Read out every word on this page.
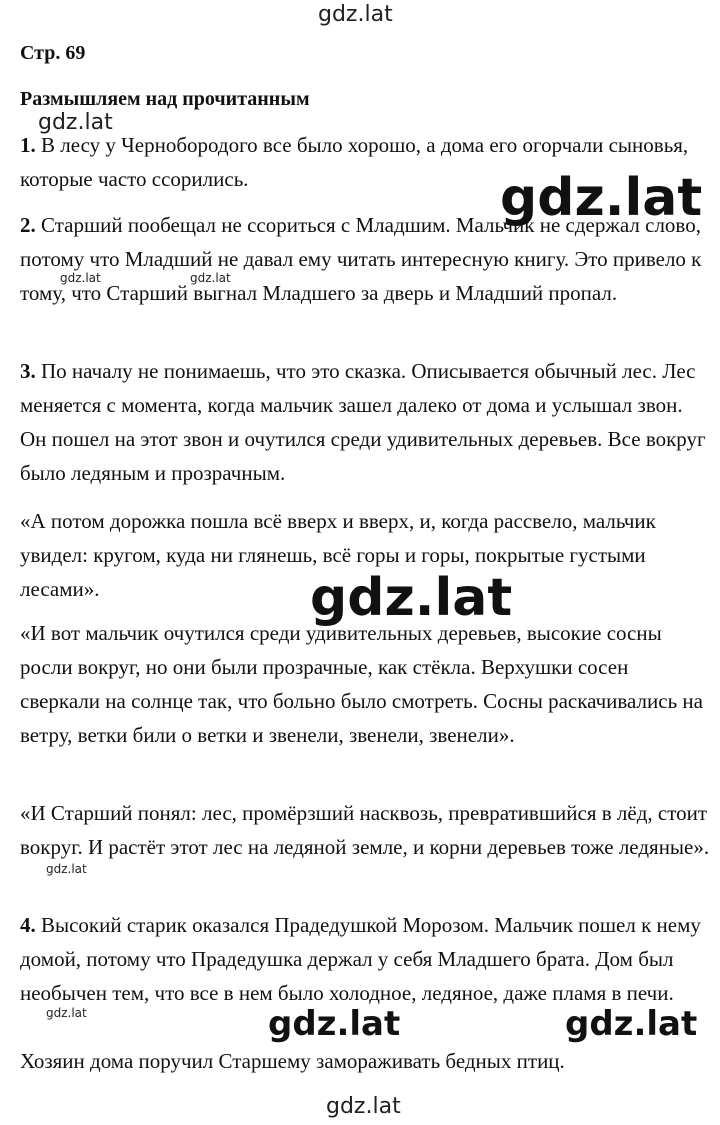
gdz.lat
Стр. 69
Размышляем над прочитанным
gdz.lat
1. В лесу у Чернобородого все было хорошо, а дома его огорчали сыновья, которые часто ссорились.	gdz.lat
2. Старший пообещал не ссориться с Младшим. Мальчик не сдержал слово, потому что Младший не давал ему читать интересную книгу. Это привело к тому, что Старший выгнал Младшего за дверь и Младший пропал.
gdz.lat	gdz.lat
3. По началу не понимаешь, что это сказка. Описывается обычный лес. Лес меняется с момента, когда мальчик зашел далеко от дома и услышал звон. Он пошел на этот звон и очутился среди удивительных деревьев. Все вокруг было ледяным и прозрачным.
«А потом дорожка пошла всё вверх и вверх, и, когда рассвело, мальчик увидел: кругом, куда ни глянешь, всё горы и горы, покрытые густыми лесами».	gdz.lat
«И вот мальчик очутился среди удивительных деревьев, высокие сосны росли вокруг, но они были прозрачные, как стёкла. Верхушки сосен сверкали на солнце так, что больно было смотреть. Сосны раскачивались на ветру, ветки били о ветки и звенели, звенели, звенели».
«И Старший понял: лес, промёрзший насквозь, превратившийся в лёд, стоит вокруг. И растёт этот лес на ледяной земле, и корни деревьев тоже ледяные».
gdz.lat
4. Высокий старик оказался Прадедушкой Морозом. Мальчик пошел к нему домой, потому что Прадедушка держал у себя Младшего брата. Дом был необычен тем, что все в нем было холодное, ледяное, даже пламя в печи.
gdz.lat	gdz.lat	gdz.lat
Хозяин дома поручил Старшему замораживать бедных птиц.
gdz.lat
